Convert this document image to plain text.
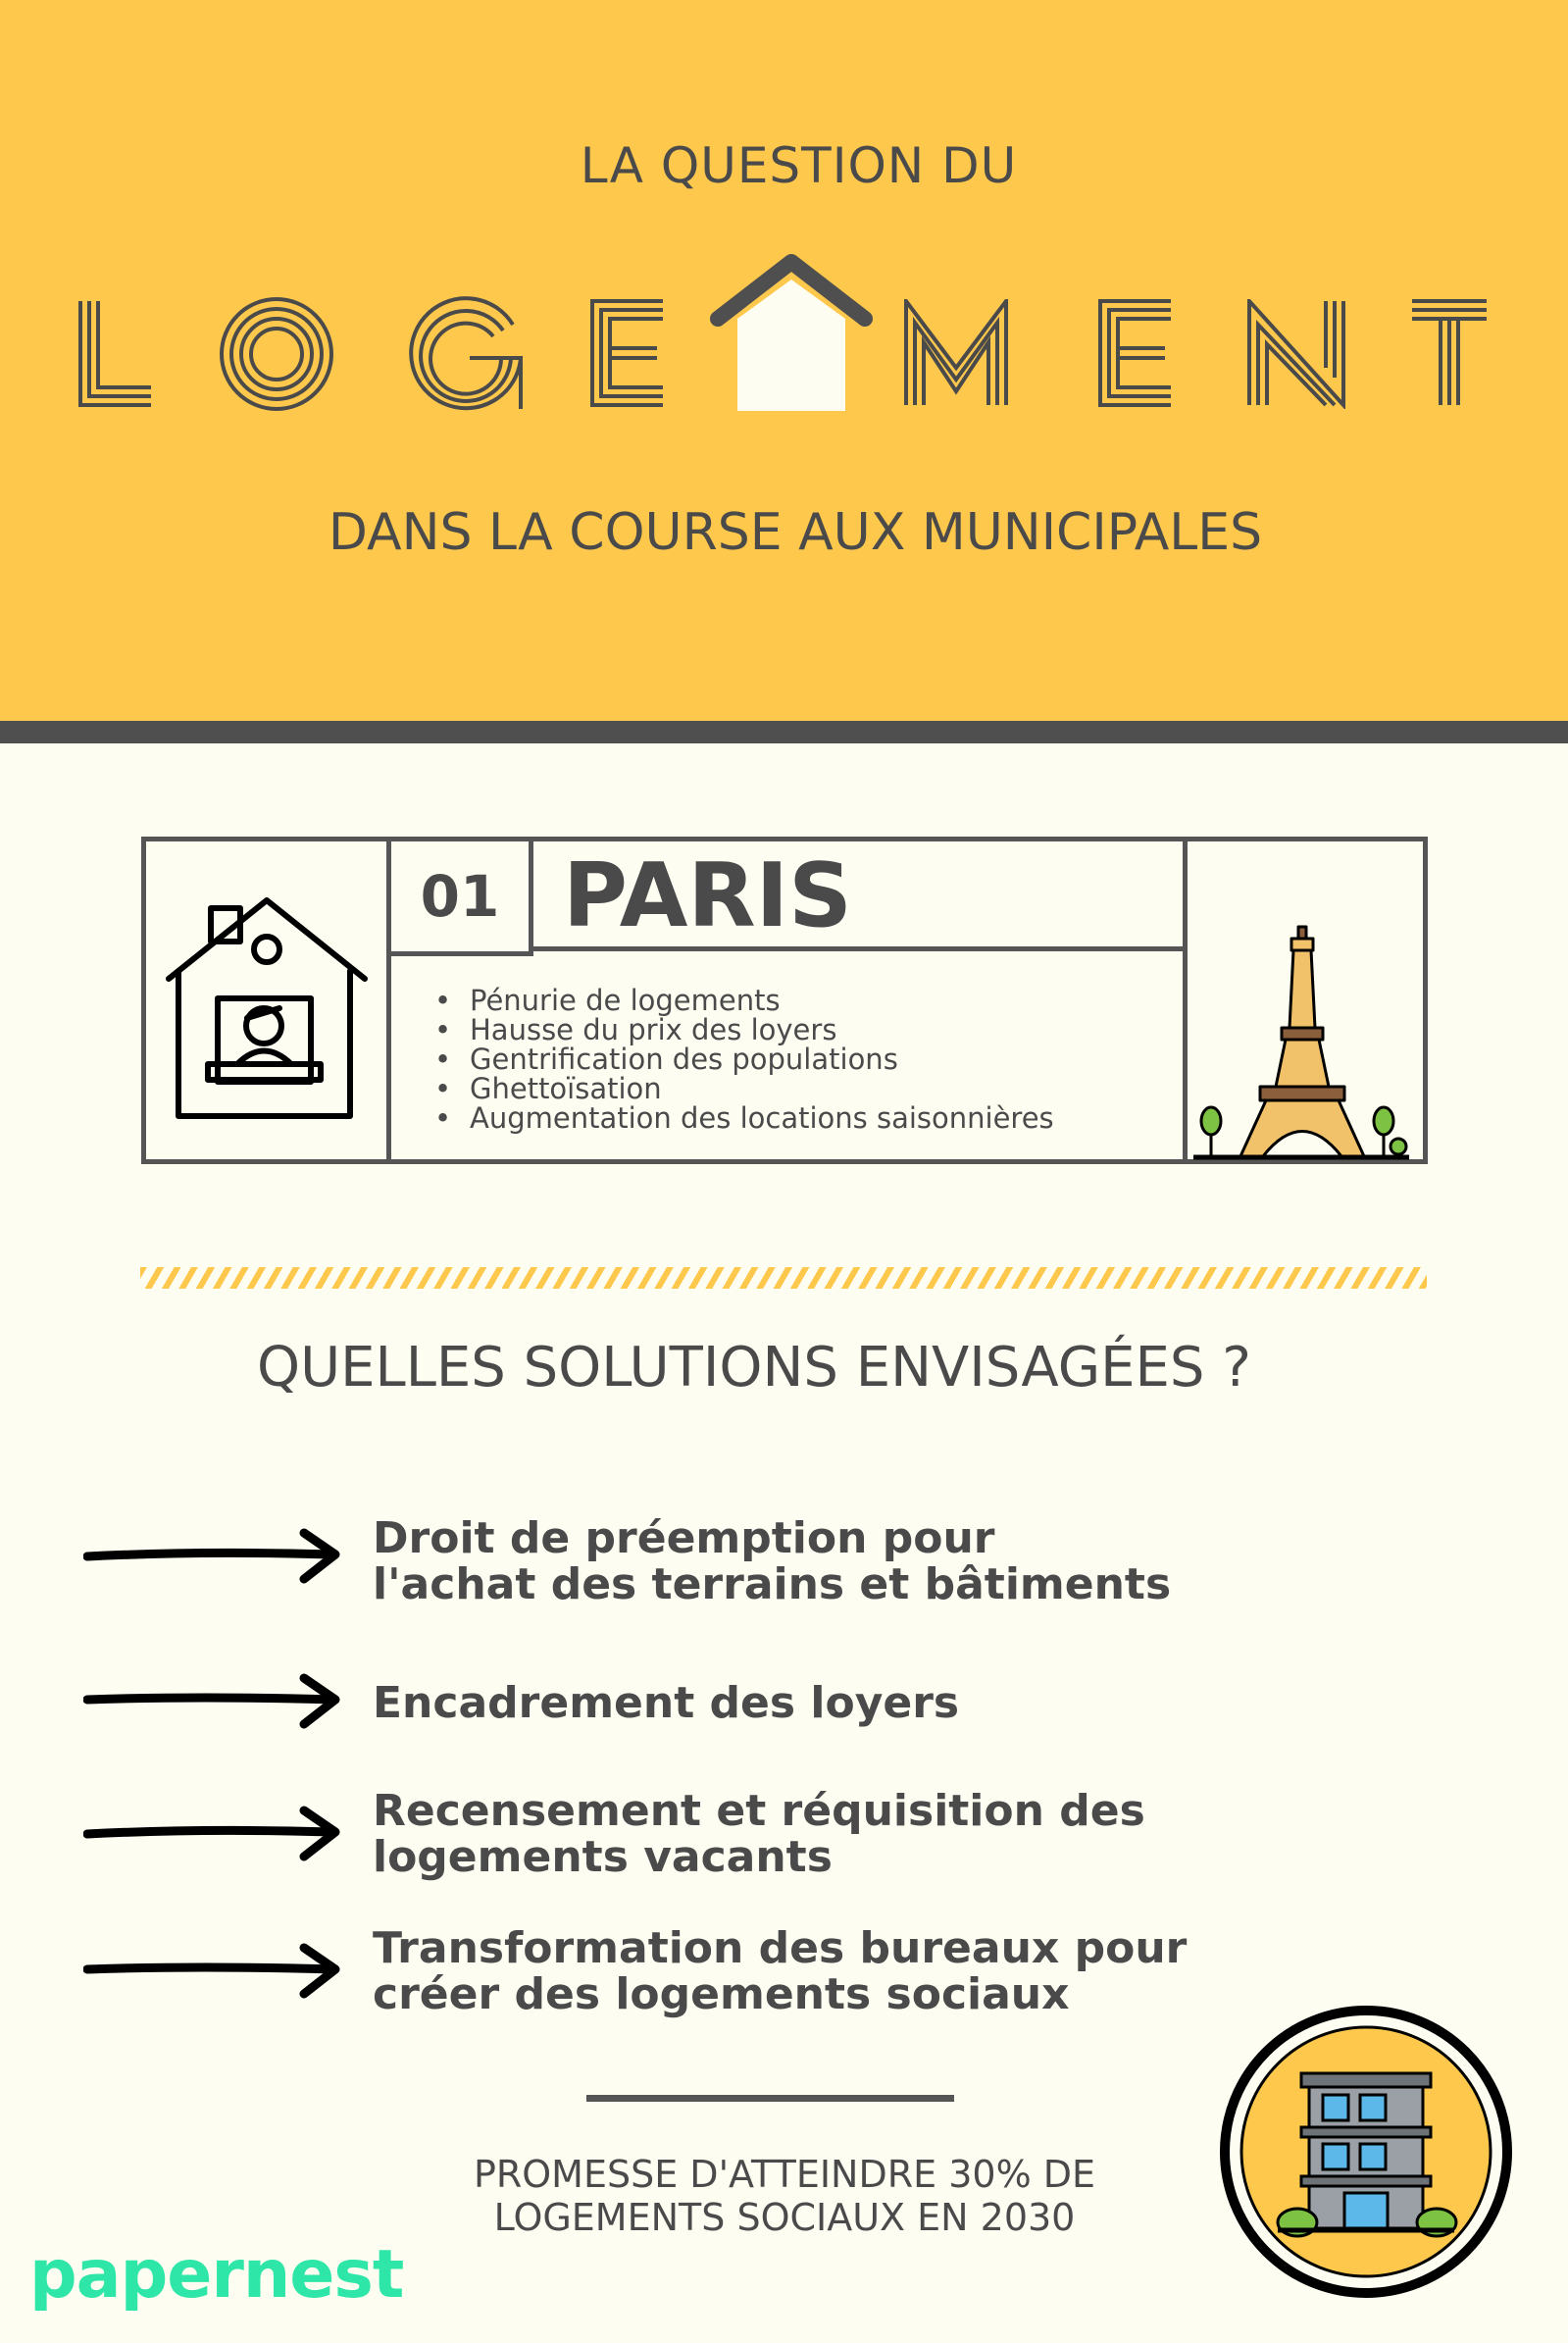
LA QUESTION DU
DANS LA COURSE AUX MUNICIPALES
01 PARIS
• Pénurie de logements
• Hausse du prix des loyers
• Gentrification des populations
• Ghettoïsation
• Augmentation des locations saisonnières
QUELLES SOLUTIONS ENVISAGÉES ?
Droit de préemption pour
l'achat des terrains et bâtiments
Encadrement des loyers
Recensement et réquisition des
logements vacants
Transformation des bureaux pour
créer des logements sociaux
PROMESSE D'ATTEINDRE 30% DE
LOGEMENTS SOCIAUX EN 2030
papernest
